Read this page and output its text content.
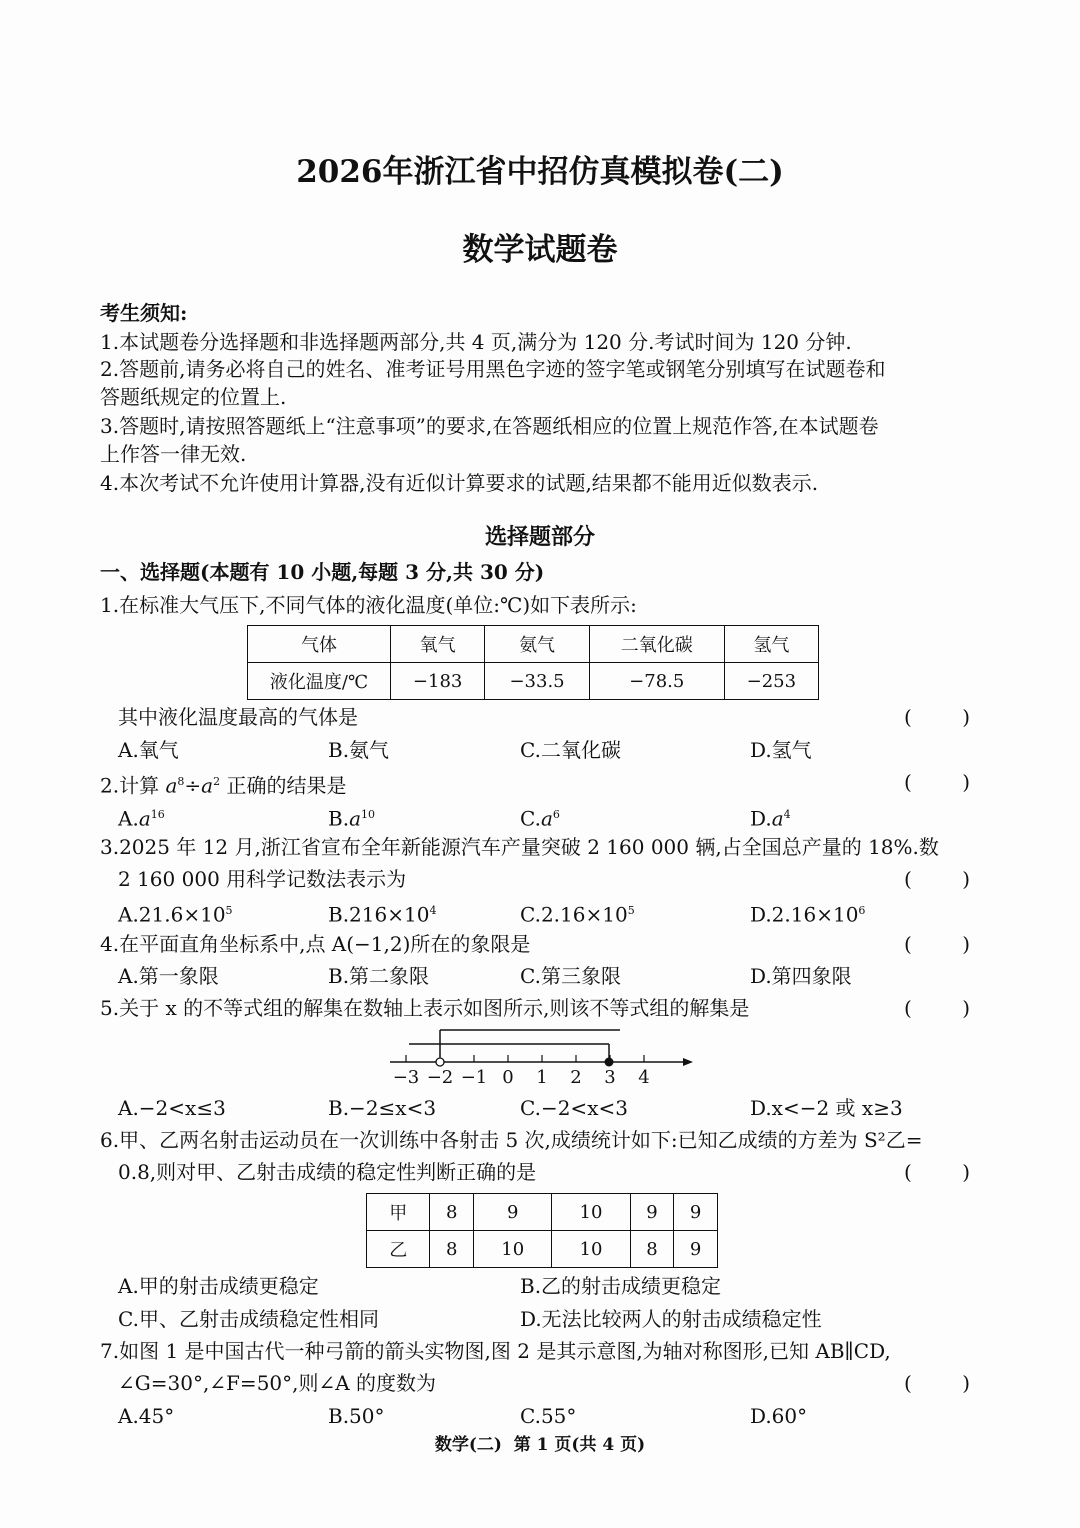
2026年浙江省中招仿真模拟卷(二)
数学试题卷
考生须知:
1.本试题卷分选择题和非选择题两部分,共 4 页,满分为 120 分.考试时间为 120 分钟.
2.答题前,请务必将自己的姓名、准考证号用黑色字迹的签字笔或钢笔分别填写在试题卷和
答题纸规定的位置上.
3.答题时,请按照答题纸上“注意事项”的要求,在答题纸相应的位置上规范作答,在本试题卷
上作答一律无效.
4.本次考试不允许使用计算器,没有近似计算要求的试题,结果都不能用近似数表示.
选择题部分
一、选择题(本题有 10 小题,每题 3 分,共 30 分)
1.在标准大气压下,不同气体的液化温度(单位:℃)如下表所示:
气体	氧气	氨气	二氧化碳	氢气
液化温度/℃	−183	−33.5	−78.5	−253
其中液化温度最高的气体是	(	)
A.氧气	B.氨气	C.二氧化碳	D.氢气
2.计算 $a^8\div a^2$ 正确的结果是	(	)
$A.a^{16}$	$B.a^{10}$	$C.a^6$	$D.a^4$
3.2025 年 12 月,浙江省宣布全年新能源汽车产量突破 2 160 000 辆,占全国总产量的 18%.数
2 160 000 用科学记数法表示为	(	)
$A.21.6\times 10^5$	$B.216\times 10^4$	$C.2.16\times 10^5$	$D.2.16\times 10^6$
4.在平面直角坐标系中,点 A(−1,2)所在的象限是	(	)
A.第一象限	B.第二象限	C.第三象限	D.第四象限
5.关于 x 的不等式组的解集在数轴上表示如图所示,则该不等式组的解集是	(	)
−3 −2 −1 0	1	2	3	4
A.−2<x≤3	B.−2≤x<3	C.−2<x<3	D.x<−2 或 x≥3
6.甲、乙两名射击运动员在一次训练中各射击 5 次,成绩统计如下:已知乙成绩的方差为 S²乙=
0.8,则对甲、乙射击成绩的稳定性判断正确的是	(	)
甲	8	9	10	9	9
乙	8	10	10	8	9
A.甲的射击成绩更稳定	B.乙的射击成绩更稳定
C.甲、乙射击成绩稳定性相同	D.无法比较两人的射击成绩稳定性
7.如图 1 是中国古代一种弓箭的箭头实物图,图 2 是其示意图,为轴对称图形,已知 AB∥CD,
∠G=30°,∠F=50°,则∠A 的度数为	(	)
A.45°	B.50°	C.55°	D.60°
数学(二)  第 1 页(共 4 页)
